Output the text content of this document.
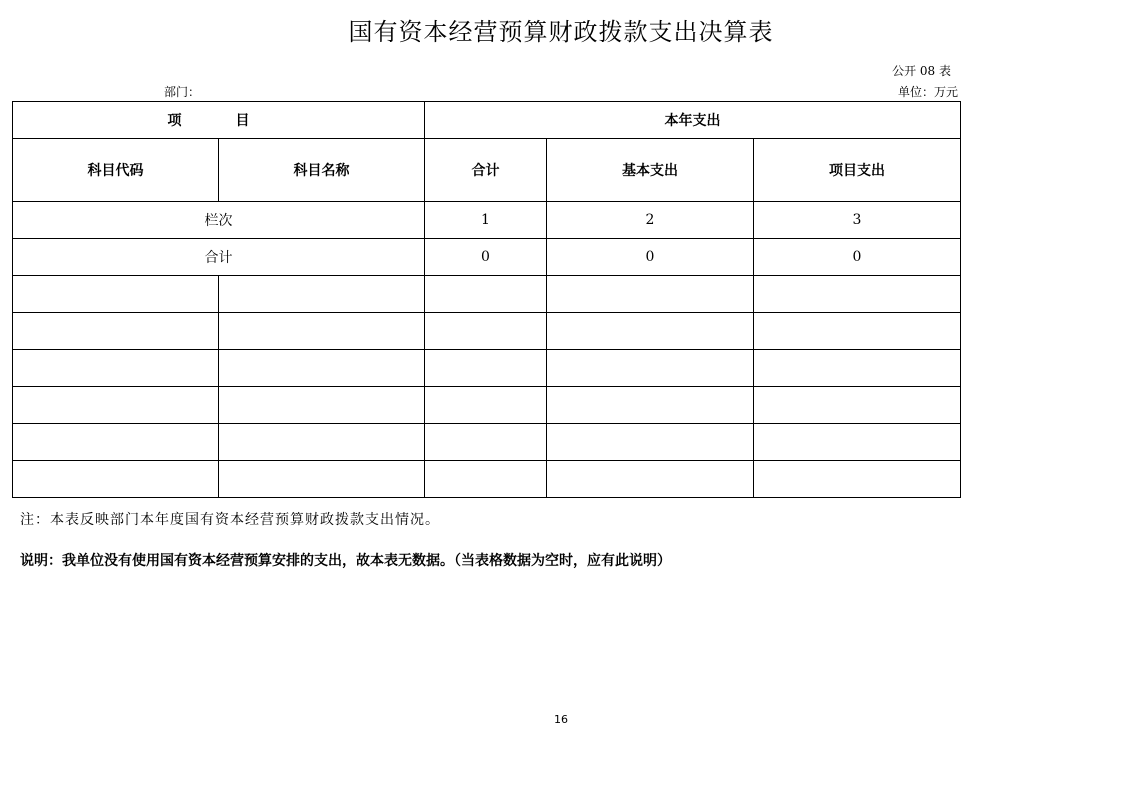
国有资本经营预算财政拨款支出决算表
公开 08 表
部门：	单位：万元
项　目		本年支出		
科目代码	科目名称	合计	基本支出	项目支出
栏次		1	2	3
合计		0	0	0

注：本表反映部门本年度国有资本经营预算财政拨款支出情况。
说明：我单位没有使用国有资本经营预算安排的支出，故本表无数据。（当表格数据为空时，应有此说明）
16
